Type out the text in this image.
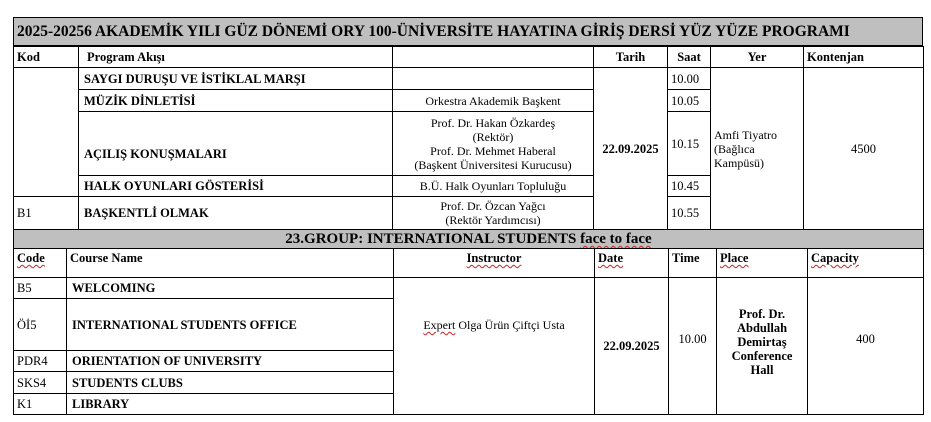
2025-20256 AKADEMİK YILI GÜZ DÖNEMİ ORY 100-ÜNİVERSİTE HAYATINA GİRİŞ DERSİ YÜZ YÜZE PROGRAMI
Kod	Program Akışı		Tarih	Saat	Yer	Kontenjan
	SAYGI DURUŞU VE İSTİKLAL MARŞI		22.09.2025	10.00	Amfi Tiyatro
(Bağlıca
Kampüsü)	4500
	MÜZİK DİNLETİSİ	Orkestra Akademik Başkent		10.05		
	AÇILIŞ KONUŞMALARI	Prof. Dr. Hakan Özkardeş
(Rektör)
Prof. Dr. Mehmet Haberal
(Başkent Üniversitesi Kurucusu)		10.15		
	HALK OYUNLARI GÖSTERİSİ	B.Ü. Halk Oyunları Topluluğu		10.45		
B1	BAŞKENTLİ OLMAK	Prof. Dr. Özcan Yağcı
(Rektör Yardımcısı)		10.55		
23.GROUP: INTERNATIONAL STUDENTS face to face						
Code	Course Name	Instructor	Date	Time	Place	Capacity
B5	WELCOMING	Expert Olga Ürün Çiftçi Usta	22.09.2025	10.00	Prof. Dr.
Abdullah
Demirtaş
Conference
Hall	400
Öİ5	INTERNATIONAL STUDENTS OFFICE					
PDR4	ORIENTATION OF UNIVERSITY					
SKS4	STUDENTS CLUBS					
K1	LIBRARY					
